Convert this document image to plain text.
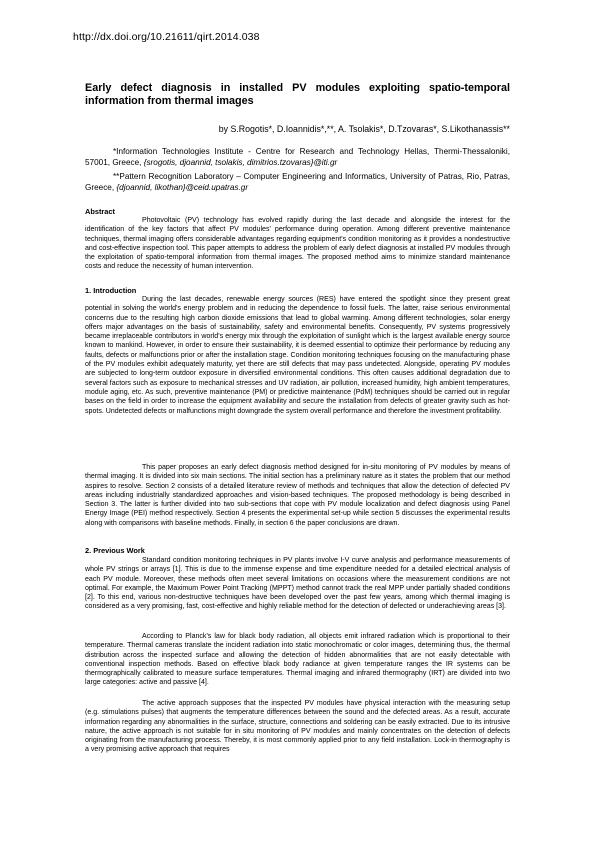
http://dx.doi.org/10.21611/qirt.2014.038
Early defect diagnosis in installed PV modules exploiting spatio-temporal information from thermal images
by S.Rogotis*, D.Ioannidis*,**, A. Tsolakis*, D.Tzovaras*, S.Likothanassis**
*Information Technologies Institute - Centre for Research and Technology Hellas, Thermi-Thessaloniki, 57001, Greece, {srogotis, djoannid, tsolakis, dimitrios.tzovaras}@iti.gr
**Pattern Recognition Laboratory – Computer Engineering and Informatics, University of Patras, Rio, Patras, Greece, {djoannid, likothan}@ceid.upatras.gr
Abstract

Photovoltaic (PV) technology has evolved rapidly during the last decade and alongside the interest for the identification of the key factors that affect PV modules' performance during operation. Among different preventive maintenance techniques, thermal imaging offers considerable advantages regarding equipment's condition monitoring as it provides a nondestructive and cost-effective inspection tool. This paper attempts to address the problem of early defect diagnosis at installed PV modules through the exploitation of spatio-temporal information from thermal images. The proposed method aims to minimize standard maintenance costs and reduce the necessity of human intervention.

1. Introduction

During the last decades, renewable energy sources (RES) have entered the spotlight since they present great potential in solving the world's energy problem and in reducing the dependence to fossil fuels. The latter, raise serious environmental concerns due to the resulting high carbon dioxide emissions that lead to global warming. Among different technologies, solar energy offers major advantages on the basis of sustainability, safety and environmental benefits. Consequently, PV systems progressively became irreplaceable contributors in world's energy mix through the exploitation of sunlight which is the largest available energy source known to mankind. However, in order to ensure their sustainability, it is deemed essential to optimize their performance by reducing any faults, defects or malfunctions prior or after the installation stage. Condition monitoring techniques focusing on the manufacturing phase of the PV modules exhibit adequately maturity, yet there are still defects that may pass undetected. Alongside, operating PV modules are subjected to long-term outdoor exposure in diversified environmental conditions. This often causes additional degradation due to several factors such as exposure to mechanical stresses and UV radiation, air pollution, increased humidity, high ambient temperatures, module aging, etc. As such, preventive maintenance (PM) or predictive maintenance (PdM) techniques should be carried out in regular bases on the field in order to increase the equipment availability and secure the installation from defects of greater gravity such as hot-spots. Undetected defects or malfunctions might downgrade the system overall performance and therefore the investment profitability.

This paper proposes an early defect diagnosis method designed for in-situ monitoring of PV modules by means of thermal imaging. It is divided into six main sections. The initial section has a preliminary nature as it states the problem that our method aspires to resolve. Section 2 consists of a detailed literature review of methods and techniques that allow the detection of defected PV areas including industrially standardized approaches and vision-based techniques. The proposed methodology is being described in Section 3. The latter is further divided into two sub-sections that cope with PV module localization and defect diagnosis using Panel Energy Image (PEI) method respectively. Section 4 presents the experimental set-up while section 5 discusses the experimental results along with comparisons with baseline methods. Finally, in section 6 the paper conclusions are drawn.

2. Previous Work

Standard condition monitoring techniques in PV plants involve I-V curve analysis and performance measurements of whole PV strings or arrays [1]. This is due to the immense expense and time expenditure needed for a detailed electrical analysis of each PV module. Moreover, these methods often meet several limitations on occasions where the measurement conditions are not optimal. For example, the Maximum Power Point Tracking (MPPT) method cannot track the real MPP under partially shaded conditions [2]. To this end, various non-destructive techniques have been developed over the past few years, among which thermal imaging is considered as a very promising, fast, cost-effective and highly reliable method for the detection of defected or underachieving areas [3].

According to Planck's law for black body radiation, all objects emit infrared radiation which is proportional to their temperature. Thermal cameras translate the incident radiation into static monochromatic or color images, determining thus, the thermal distribution across the inspected surface and allowing the detection of hidden abnormalities that are not easily detectable with conventional inspection methods. Based on effective black body radiance at given temperature ranges the IR systems can be thermographically calibrated to measure surface temperatures. Thermal imaging and infrared thermography (IRT) are divided into two large categories: active and passive [4].

The active approach supposes that the inspected PV modules have physical interaction with the measuring setup (e.g. stimulations pulses) that augments the temperature differences between the sound and the defected areas. As a result, accurate information regarding any abnormalities in the surface, structure, connections and soldering can be easily extracted. Due to its intrusive nature, the active approach is not suitable for in situ monitoring of PV modules and mainly concentrates on the detection of defects originating from the manufacturing process. Thereby, it is most commonly applied prior to any field installation. Lock-in thermography is a very promising active approach that requires
